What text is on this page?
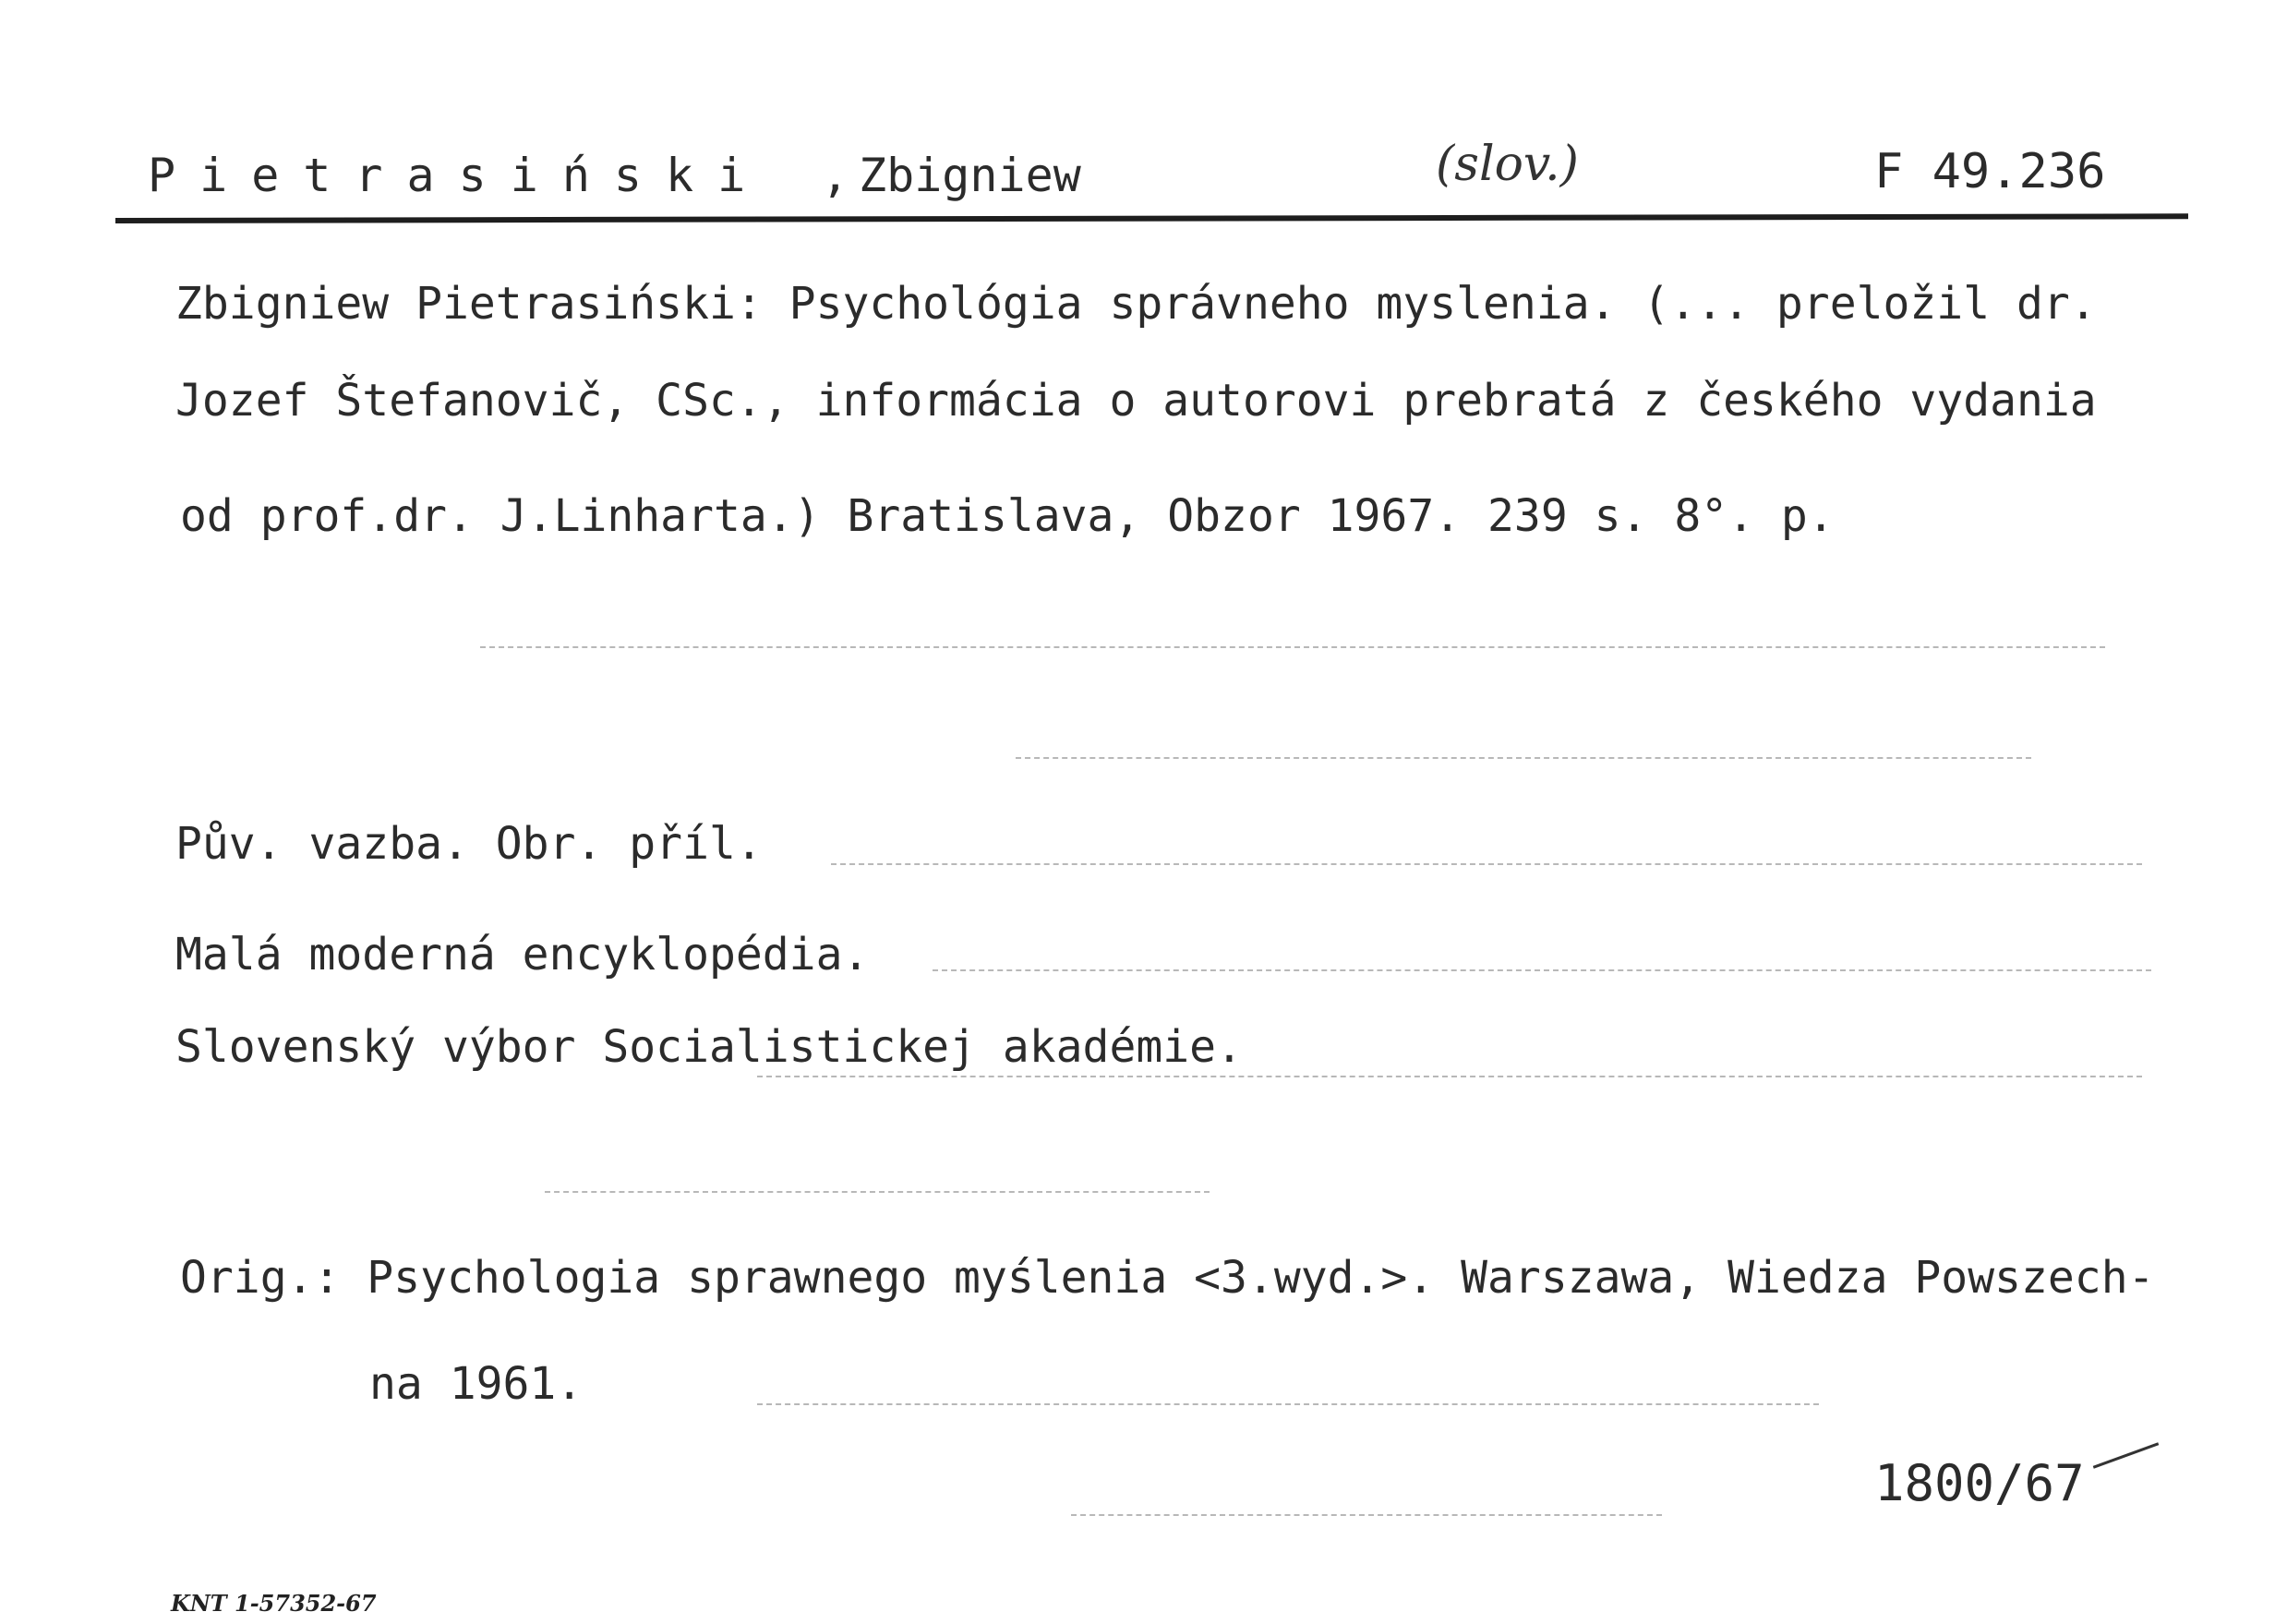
Pietrasiński ,
Zbigniew	(slov.)	F 49.236
Zbigniew Pietrasiński: Psychológia správneho myslenia. (... preložil dr.
Jozef Štefanovič, CSc., informácia o autorovi prebratá z českého vydania
od prof.dr. J.Linharta.) Bratislava, Obzor 1967. 239 s. 8°. p.
Pův. vazba. Obr. příl.
Malá moderná encyklopédia.
Slovenský výbor Socialistickej akadémie.
Orig.: Psychologia sprawnego myślenia <3.wyd.>. Warszawa, Wiedza Powszech-
na 1961.
1800/67
KNT 1-57352-67
